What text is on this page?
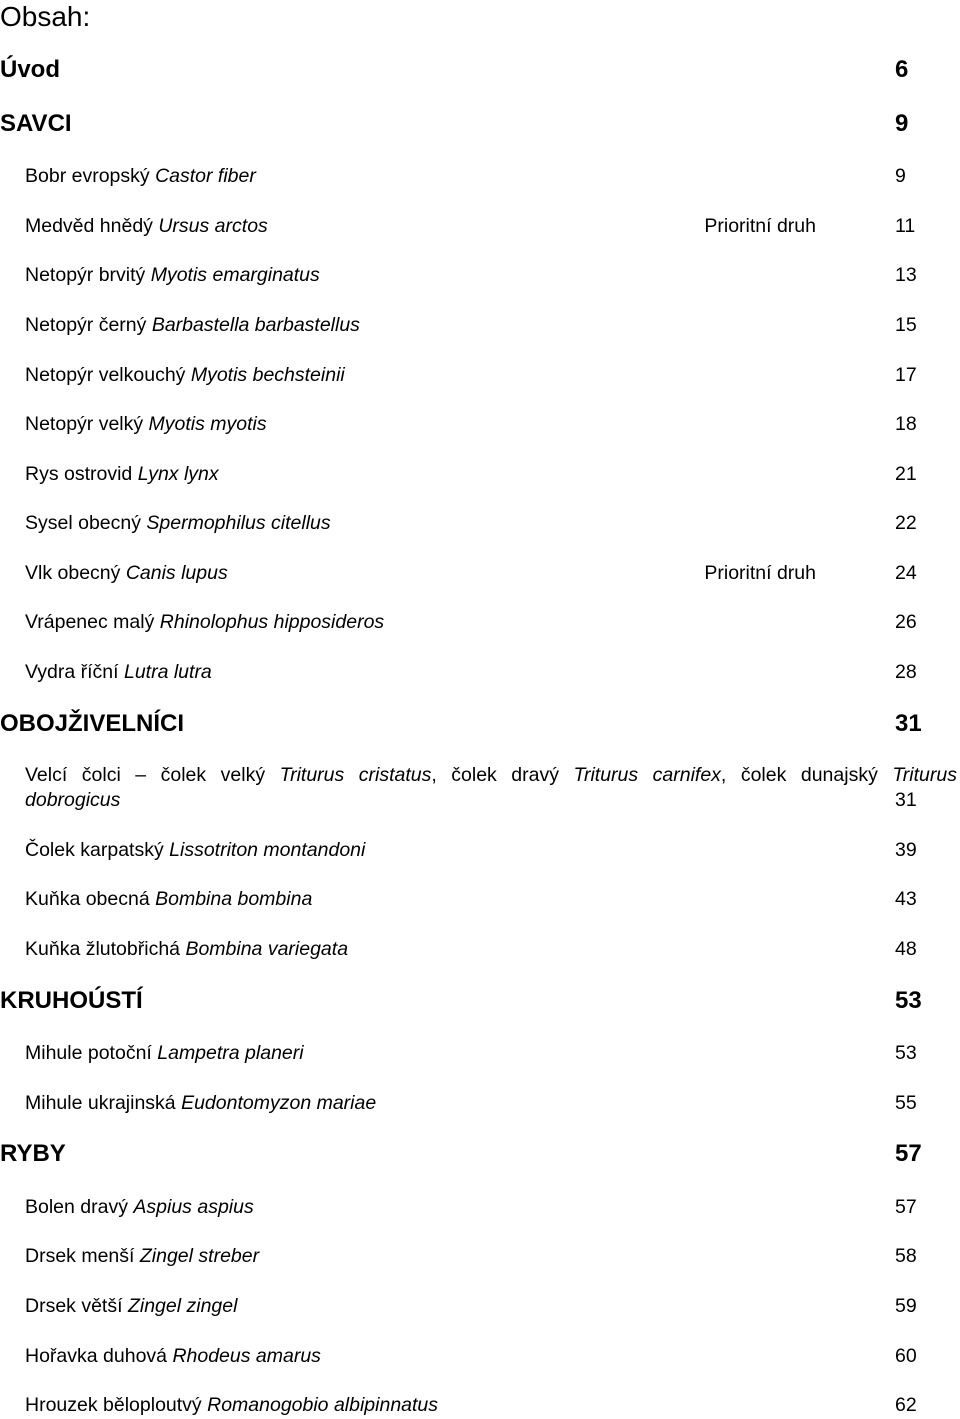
Obsah:
Úvod	6
SAVCI	9
Bobr evropský Castor fiber	9
Medvěd hnědý Ursus arctos	Prioritní druh	11
Netopýr brvitý Myotis emarginatus	13
Netopýr černý Barbastella barbastellus	15
Netopýr velkouchý Myotis bechsteinii	17
Netopýr velký Myotis myotis	18
Rys ostrovid Lynx lynx	21
Sysel obecný Spermophilus citellus	22
Vlk obecný Canis lupus	Prioritní druh	24
Vrápenec malý Rhinolophus hipposideros	26
Vydra říční Lutra lutra	28
OBOJŽIVELNÍCI	31
Velcí čolci – čolek velký Triturus cristatus, čolek dravý Triturus carnifex, čolek dunajský Triturus
dobrogicus	31
Čolek karpatský Lissotriton montandoni	39
Kuňka obecná Bombina bombina	43
Kuňka žlutobřichá Bombina variegata	48
KRUHOÚSTÍ	53
Mihule potoční Lampetra planeri	53
Mihule ukrajinská Eudontomyzon mariae	55
RYBY	57
Bolen dravý Aspius aspius	57
Drsek menší Zingel streber	58
Drsek větší Zingel zingel	59
Hořavka duhová Rhodeus amarus	60
Hrouzek běloploutvý Romanogobio albipinnatus	62
